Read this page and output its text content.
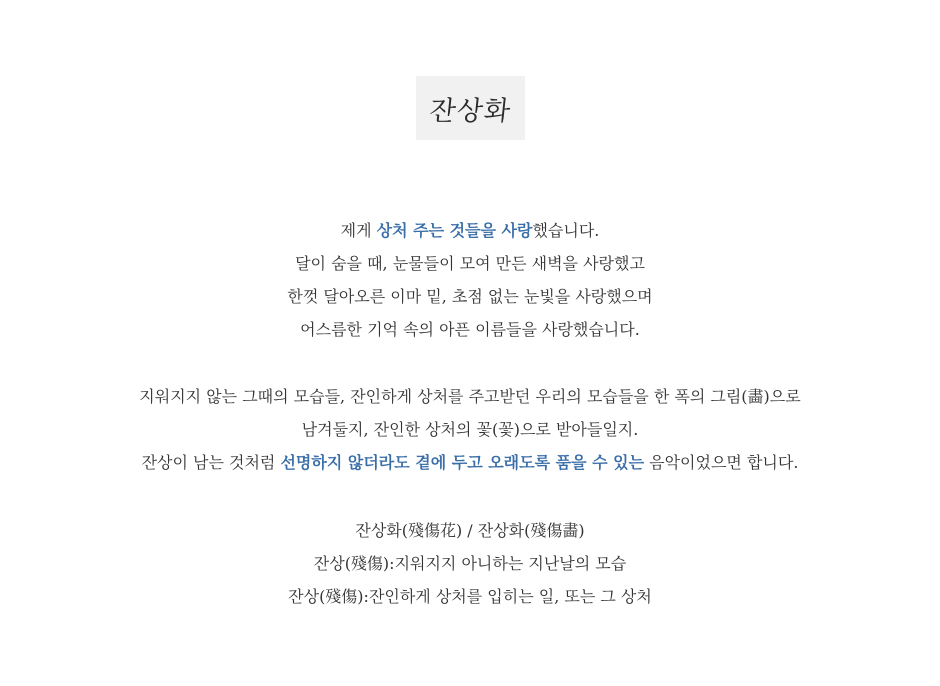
잔상화
제게 상처 주는 것들을 사랑했습니다.
달이 숨을 때, 눈물들이 모여 만든 새벽을 사랑했고
한껏 달아오른 이마 밑, 초점 없는 눈빛을 사랑했으며
어스름한 기억 속의 아픈 이름들을 사랑했습니다.
지워지지 않는 그때의 모습들, 잔인하게 상처를 주고받던 우리의 모습들을 한 폭의 그림(畵)으로
남겨둘지, 잔인한 상처의 꽃(꽃)으로 받아들일지.
잔상이 남는 것처럼 선명하지 않더라도 곁에 두고 오래도록 품을 수 있는 음악이었으면 합니다.
잔상화(殘傷花) / 잔상화(殘傷畵)
잔상(殘傷):지워지지 아니하는 지난날의 모습
잔상(殘傷):잔인하게 상처를 입히는 일, 또는 그 상처
